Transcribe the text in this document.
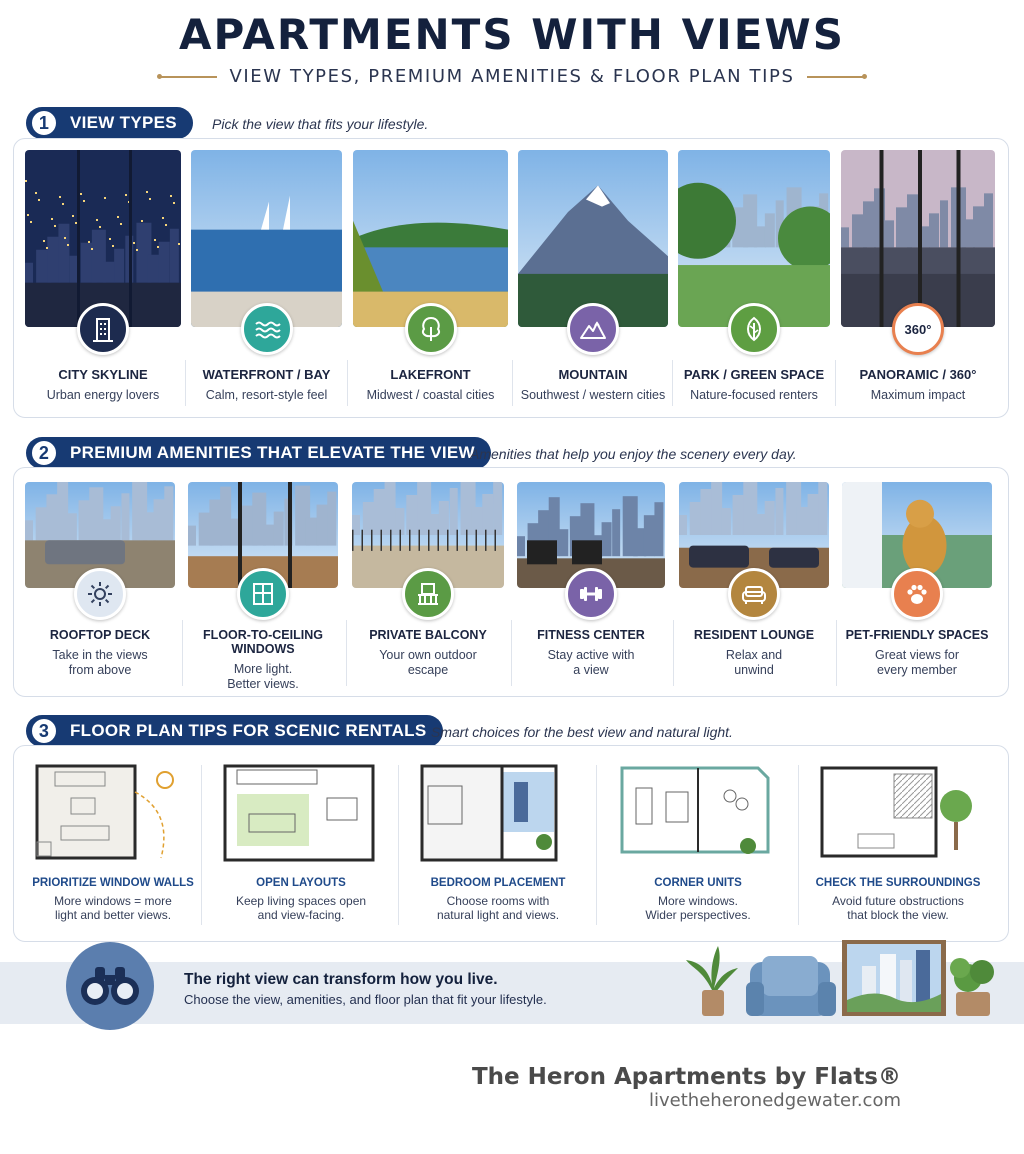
APARTMENTS WITH VIEWS
VIEW TYPES, PREMIUM AMENITIES & FLOOR PLAN TIPS
1	VIEW TYPES	Pick the view that fits your lifestyle.
CITY SKYLINE
Urban energy lovers
WATERFRONT / BAY
Calm, resort-style feel
LAKEFRONT
Midwest / coastal cities
MOUNTAIN
Southwest / western cities
PARK / GREEN SPACE
Nature-focused renters
360°
PANORAMIC / 360°
Maximum impact
2	PREMIUM AMENITIES THAT ELEVATE THE VIEW
Amenities that help you enjoy the scenery every day.
ROOFTOP DECK
Take in the views
from above
FLOOR-TO-CEILING
WINDOWS
More light.
Better views.
PRIVATE BALCONY
Your own outdoor
escape
FITNESS CENTER
Stay active with
a view
RESIDENT LOUNGE
Relax and
unwind
PET-FRIENDLY SPACES
Great views for
every member
3	FLOOR PLAN TIPS FOR SCENIC RENTALS Smart choices for the best view and natural light.
PRIORITIZE WINDOW WALLS
More windows = more
light and better views.
OPEN LAYOUTS
Keep living spaces open
and view-facing.
BEDROOM PLACEMENT
Choose rooms with
natural light and views.
CORNER UNITS
More windows.
Wider perspectives.
CHECK THE SURROUNDINGS
Avoid future obstructions
that block the view.
The right view can transform how you live.
Choose the view, amenities, and floor plan that fit your lifestyle.
The Heron Apartments by Flats®
livetheheronedgewater.com
